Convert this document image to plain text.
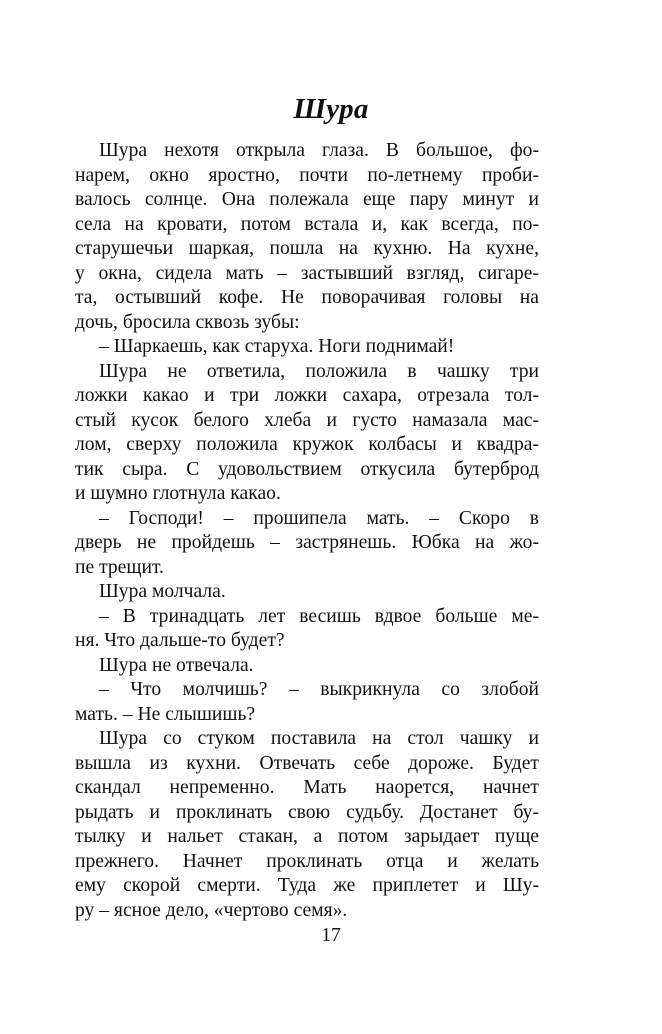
Шура
Шура нехотя открыла глаза. В большое, фо-
нарем, окно яростно, почти по-летнему проби-
валось солнце. Она полежала еще пару минут и
села на кровати, потом встала и, как всегда, по-
старушечьи шаркая, пошла на кухню. На кухне,
у окна, сидела мать – застывший взгляд, сигаре-
та, остывший кофе. Не поворачивая головы на
дочь, бросила сквозь зубы:
– Шаркаешь, как старуха. Ноги поднимай!
Шура не ответила, положила в чашку три
ложки какао и три ложки сахара, отрезала тол-
стый кусок белого хлеба и густо намазала мас-
лом, сверху положила кружок колбасы и квадра-
тик сыра. С удовольствием откусила бутерброд
и шумно глотнула какао.
– Господи! – прошипела мать. – Скоро в
дверь не пройдешь – застрянешь. Юбка на жо-
пе трещит.
Шура молчала.
– В тринадцать лет весишь вдвое больше ме-
ня. Что дальше-то будет?
Шура не отвечала.
– Что молчишь? – выкрикнула со злобой
мать. – Не слышишь?
Шура со стуком поставила на стол чашку и
вышла из кухни. Отвечать себе дороже. Будет
скандал непременно. Мать наорется, начнет
рыдать и проклинать свою судьбу. Достанет бу-
тылку и нальет стакан, а потом зарыдает пуще
прежнего. Начнет проклинать отца и желать
ему скорой смерти. Туда же приплетет и Шу-
ру – ясное дело, «чертово семя».
17
